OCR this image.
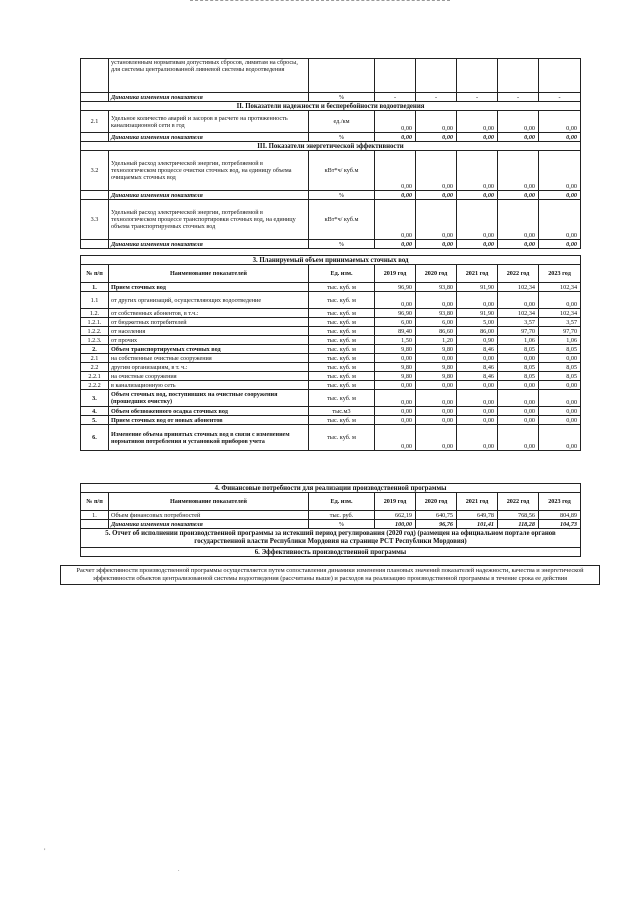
	установленным нормативам допустимых сбросов, лимитам на сбросы, для системы централизованной ливневой системы водоотведения						
	Динамика изменения показателя	%	-	-	-	-	-
II. Показатели надежности и бесперебойности водоотведения							
2.1	Удельное количество аварий и засоров в расчете на протяженность канализационной сети в год	ед./км	0,00	0,00	0,00	0,00	0,00
	Динамика изменения показателя	%	0,00	0,00	0,00	0,00	0,00
III. Показатели энергетической эффективности							
3.2	Удельный расход электрической энергии, потребляемой в технологическом процессе очистки сточных вод, на единицу объема очищаемых сточных вод	кВт*ч/ куб.м	0,00	0,00	0,00	0,00	0,00
	Динамика изменения показателя	%	0,00	0,00	0,00	0,00	0,00
3.3	Удельный расход электрической энергии, потребляемой в технологическом процессе транспортировки сточных вод, на единицу объема транспортируемых сточных вод	кВт*ч/ куб.м	0,00	0,00	0,00	0,00	0,00
	Динамика изменения показателя	%	0,00	0,00	0,00	0,00	0,00
3. Планируемый объем принимаемых сточных вод							
№ п/п	Наименование показателей	Ед. изм.	2019 год	2020 год	2021 год	2022 год	2023 год
1.	Прием сточных вод	тыс. куб. м	96,90	93,80	91,90	102,34	102,34
1.1	от других организаций, осуществляющих водоотведение	тыс. куб. м	0,00	0,00	0,00	0,00	0,00
1.2.	от собственных абонентов, в т.ч.:	тыс. куб. м	96,90	93,80	91,90	102,34	102,34
1.2.1.	от бюджетных потребителей	тыс. куб. м	6,00	6,00	5,00	3,57	3,57
1.2.2.	от населения	тыс. куб. м	89,40	86,60	86,00	97,70	97,70
1.2.3.	от прочих	тыс. куб. м	1,50	1,20	0,90	1,06	1,06
2.	Объем транспортируемых сточных вод	тыс. куб. м	9,80	9,80	8,46	8,05	8,05
2.1	на собственные очистные сооружения	тыс. куб. м	0,00	0,00	0,00	0,00	0,00
2.2	другим организациям, в т. ч.:	тыс. куб. м	9,80	9,80	8,46	8,05	8,05
2.2.1	на очистные сооружения	тыс. куб. м	9,80	9,80	8,46	8,05	8,05
2.2.2	в канализационную сеть	тыс. куб. м	0,00	0,00	0,00	0,00	0,00
3.	Объем сточных вод, поступивших на очистные сооружения (прошедших очистку)	тыс. куб. м	0,00	0,00	0,00	0,00	0,00
4.	Объем обезвоженного осадка сточных вод	тыс.м3	0,00	0,00	0,00	0,00	0,00
5.	Прием сточных вод от новых абонентов	тыс. куб. м	0,00	0,00	0,00	0,00	0,00
6.	Изменение объема принятых сточных вод в связи с изменением нормативов потребления и установкой приборов учета	тыс. куб. м	0,00	0,00	0,00	0,00	0,00
4. Финансовые потребности для реализации производственной программы							
№ п/п	Наименование показателей	Ед. изм.	2019 год	2020 год	2021 год	2022 год	2023 год
1.	Объем финансовых потребностей	тыс. руб.	662,19	640,75	649,78	768,56	804,89
	Динамика изменения показателя	%	100,00	96,76	101,41	118,28	104,73
5. Отчет об исполнении производственной программы за истекший период регулирования (2020 год) (размещен на официальном портале органов государственной власти Республики Мордовия на странице РСТ Республики Мордовия)							
6. Эффективность производственной программы							
Расчет эффективности производственной программы осуществляется путем сопоставления динамики изменения плановых значений показателей надежности, качества и энергетической эффективности объектов централизованной системы водоотведения (рассчитаны выше) и расходов на реализацию производственной программы в течение срока ее действия
,
.
